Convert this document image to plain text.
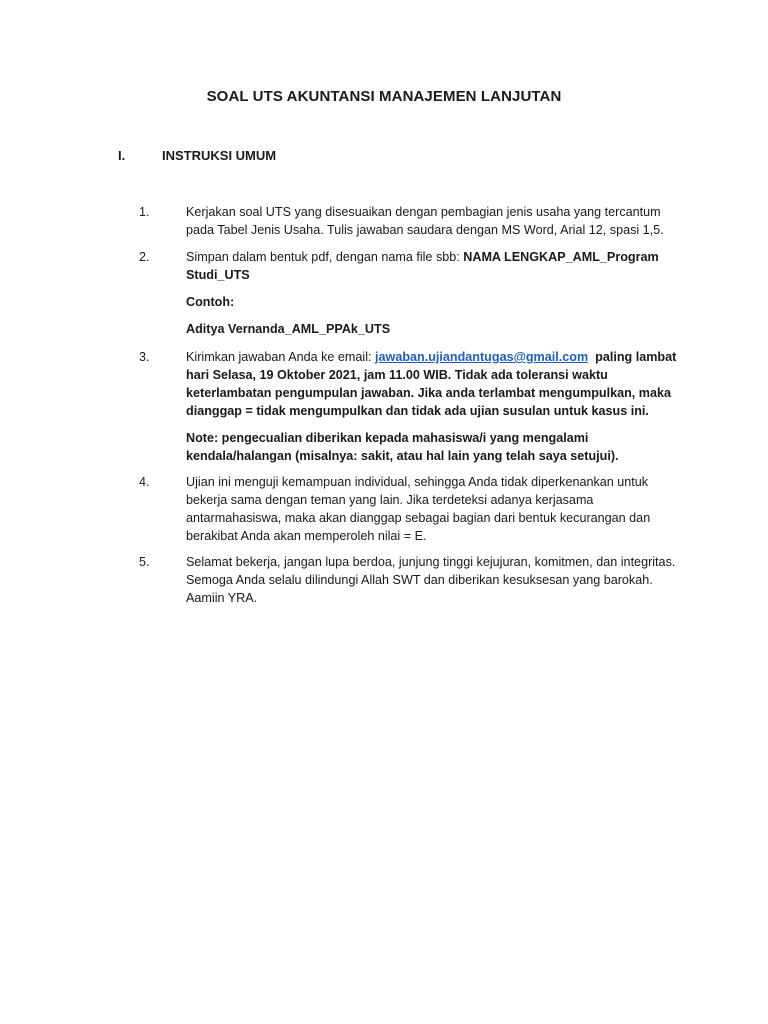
SOAL UTS AKUNTANSI MANAJEMEN LANJUTAN
I.	INSTRUKSI UMUM
1.	Kerjakan soal UTS yang disesuaikan dengan pembagian jenis usaha yang tercantum pada Tabel Jenis Usaha. Tulis jawaban saudara dengan MS Word, Arial 12, spasi 1,5.
2.	Simpan dalam bentuk pdf, dengan nama file sbb: NAMA LENGKAP_AML_Program Studi_UTS
Contoh:
Aditya Vernanda_AML_PPAk_UTS
3.	Kirimkan jawaban Anda ke email: jawaban.ujiandantugas@gmail.com paling lambat hari Selasa, 19 Oktober 2021, jam 11.00 WIB. Tidak ada toleransi waktu keterlambatan pengumpulan jawaban. Jika anda terlambat mengumpulkan, maka dianggap = tidak mengumpulkan dan tidak ada ujian susulan untuk kasus ini.
Note: pengecualian diberikan kepada mahasiswa/i yang mengalami kendala/halangan (misalnya: sakit, atau hal lain yang telah saya setujui).
4.	Ujian ini menguji kemampuan individual, sehingga Anda tidak diperkenankan untuk bekerja sama dengan teman yang lain. Jika terdeteksi adanya kerjasama antarmahasiswa, maka akan dianggap sebagai bagian dari bentuk kecurangan dan berakibat Anda akan memperoleh nilai = E.
5.	Selamat bekerja, jangan lupa berdoa, junjung tinggi kejujuran, komitmen, dan integritas. Semoga Anda selalu dilindungi Allah SWT dan diberikan kesuksesan yang barokah. Aamiin YRA.
